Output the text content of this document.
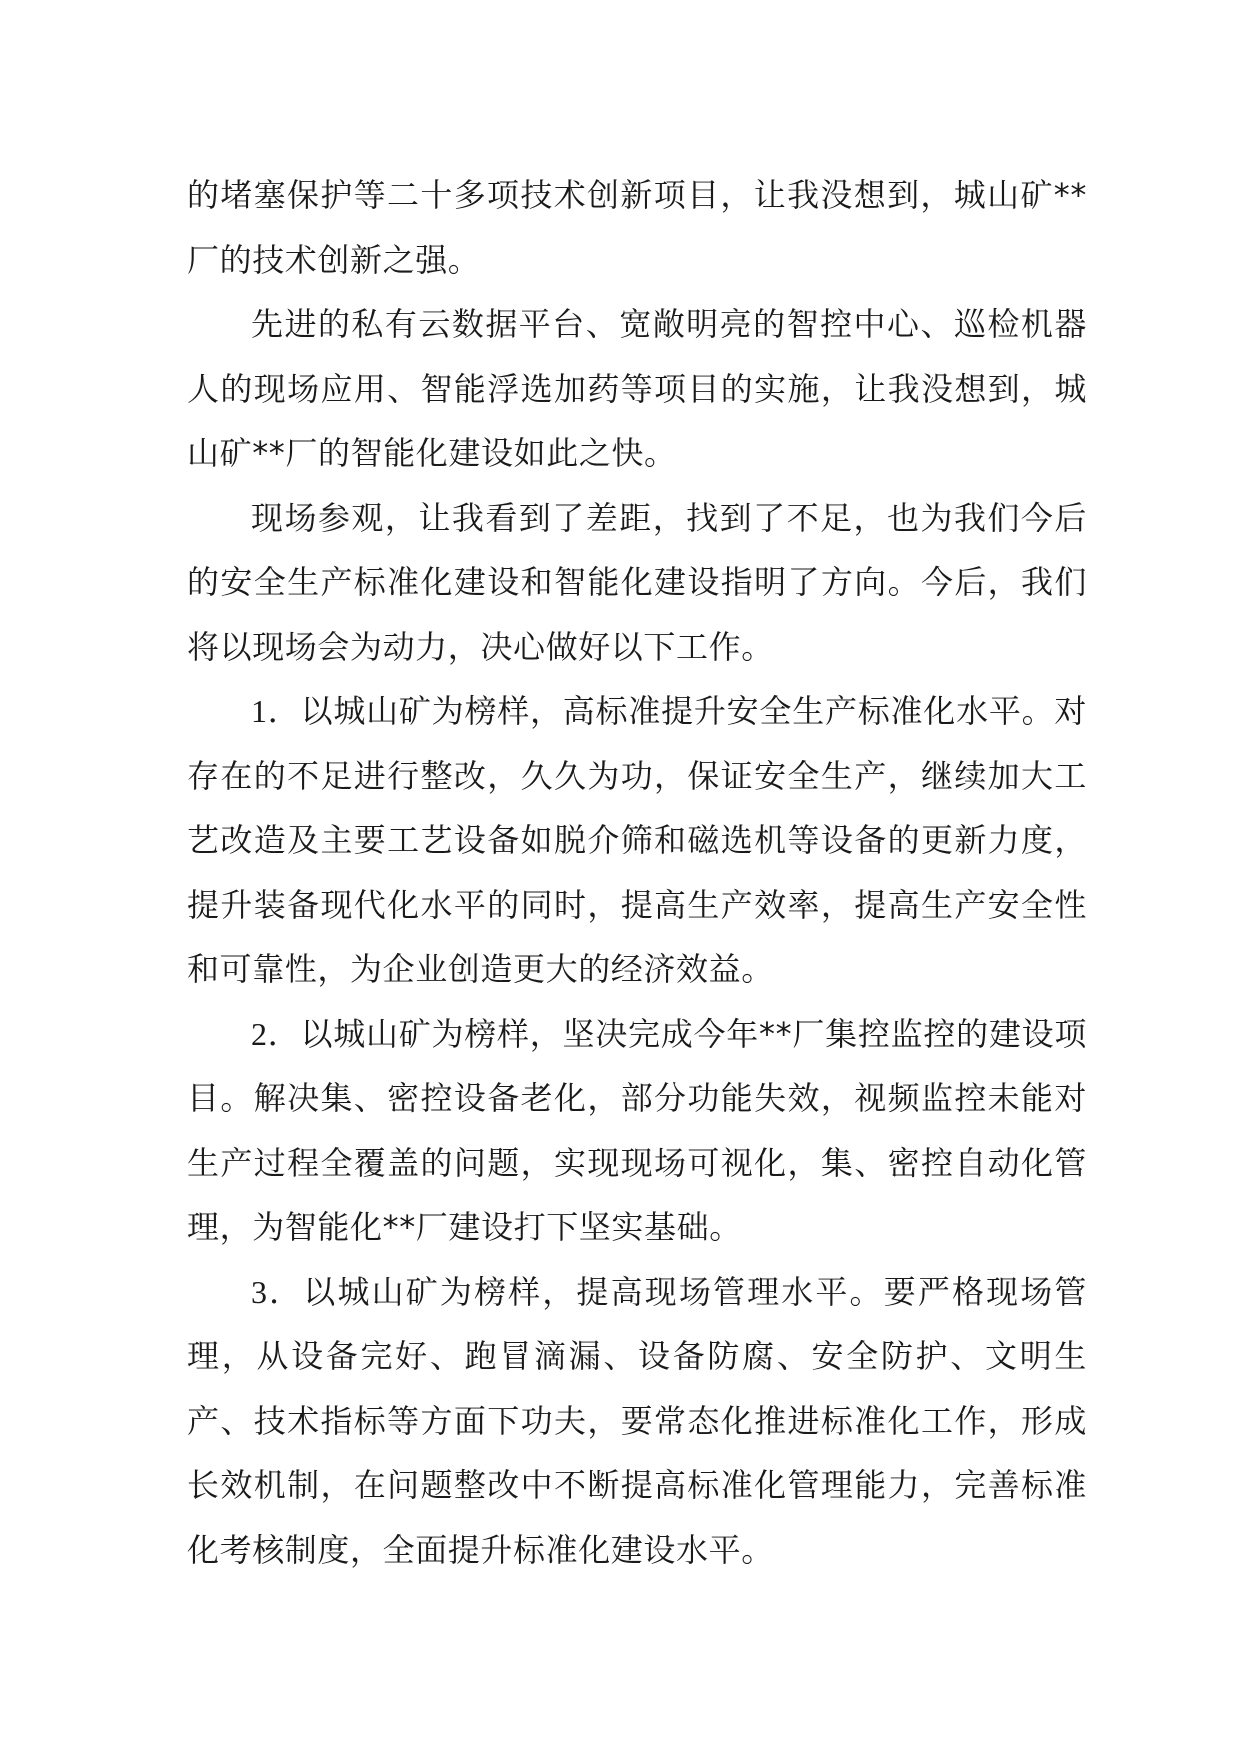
的堵塞保护等二十多项技术创新项目，让我没想到，城山矿**厂的技术创新之强。

先进的私有云数据平台、宽敞明亮的智控中心、巡检机器人的现场应用、智能浮选加药等项目的实施，让我没想到，城山矿**厂的智能化建设如此之快。

现场参观，让我看到了差距，找到了不足，也为我们今后的安全生产标准化建设和智能化建设指明了方向。今后，我们将以现场会为动力，决心做好以下工作。

1．以城山矿为榜样，高标准提升安全生产标准化水平。对存在的不足进行整改，久久为功，保证安全生产，继续加大工艺改造及主要工艺设备如脱介筛和磁选机等设备的更新力度，提升装备现代化水平的同时，提高生产效率，提高生产安全性和可靠性，为企业创造更大的经济效益。

2．以城山矿为榜样，坚决完成今年**厂集控监控的建设项目。解决集、密控设备老化，部分功能失效，视频监控未能对生产过程全覆盖的问题，实现现场可视化，集、密控自动化管理，为智能化**厂建设打下坚实基础。

3．以城山矿为榜样，提高现场管理水平。要严格现场管理，从设备完好、跑冒滴漏、设备防腐、安全防护、文明生产、技术指标等方面下功夫，要常态化推进标准化工作，形成长效机制，在问题整改中不断提高标准化管理能力，完善标准化考核制度，全面提升标准化建设水平。
